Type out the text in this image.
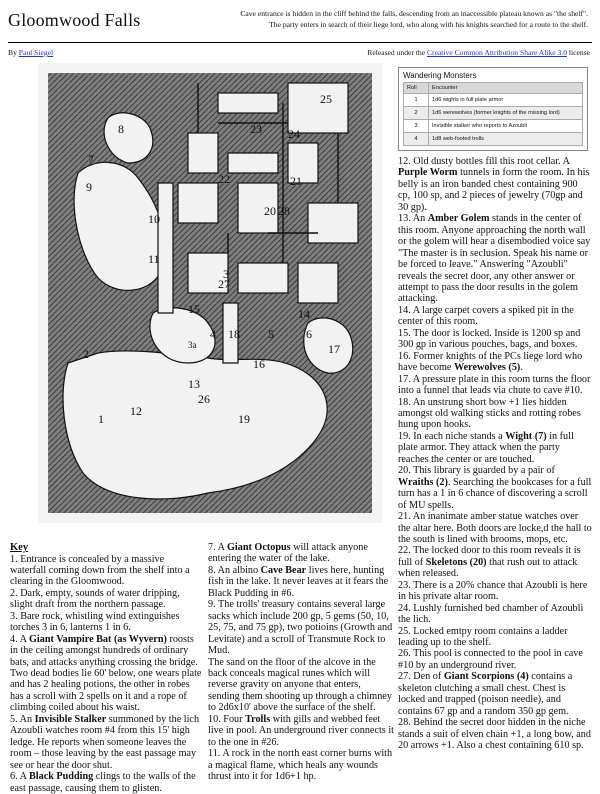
Gloomwood Falls	Cave entrance is hidden in the cliff behind the falls, descending from an inaccessible plateau known as "the shelf".
The party enters in search of their liege lord, who along with his knights searched for a route to the shelf.
By Paul Siegel	Released under the Creative Common Attribution Share Alike 3.0 license
1
2
3
3a
4	5	6
7
8
9
10
11
12
13
14
15
16
17
18
19
20
21
22
23 24
25
26
27
28
Wandering Monsters
Roll	Encounter
1	1d6 wights in full plate armor
2	1d6 werewolves (former knights of the missing lord)
3	Invisible stalker who reports to Azoubli
4	1d8 web-footed trolls

12. Old dusty bottles fill this root cellar. A Purple Worm tunnels in form the room. In his belly is an iron banded chest containing 900 cp, 100 sp, and 2 pieces of jewelry (70gp and 30 gp).

13. An Amber Golem stands in the center of this room. Anyone approaching the north wall or the golem will hear a disembodied voice say "The master is in seclusion. Speak his name or be forced to leave." Answering "Azoubli" reveals the secret door, any other answer or attempt to pass the door results in the golem attacking.

14. A large carpet covers a spiked pit in the center of this room.

15. The door is locked. Inside is 1200 sp and 300 gp in various pouches, bags, and boxes.

16. Former knights of the PCs liege lord who have become Werewolves (5).

17. A pressure plate in this room turns the floor into a funnel that leads via chute to cave #10.

18. An unstrung short bow +1 lies hidden amongst old walking sticks and rotting robes hung upon hooks.

19. In each niche stands a Wight (7) in full plate armor. They attack when the party reaches the center or are touched.

20. This library is guarded by a pair of Wraiths (2). Searching the bookcases for a full turn has a 1 in 6 chance of discovering a scroll of MU spells.

21. An inanimate amber statue watches over the altar here. Both doors are locke,d the hall to the south is lined with brooms, mops, etc.

22. The locked door to this room reveals it is full of Skeletons (20) that rush out to attack when released.

23. There is a 20% chance that Azoubli is here in his private altar room.

24. Lushly furnished bed chamber of Azoubli the lich.

25. Locked emtpy room contains a ladder leading up to the shelf.

26. This pool is connected to the pool in cave #10 by an underground river.

27. Den of Giant Scorpions (4) contains a skeleton clutching a small chest. Chest is locked and trapped (poison needle), and contains 67 gp and a random 350 gp gem.

28. Behind the secret door hidden in the niche stands a suit of elven chain +1, a long bow, and 20 arrows +1. Also a chest containing 610 sp.

Key

1. Entrance is concealed by a massive waterfall coming down from the shelf into a clearing in the Gloomwood.

2. Dark, empty, sounds of water dripping, slight draft from the northern passage.

3. Bare rock, whistling wind extinguishes torches 3 in 6, lanterns 1 in 6.

4. A Giant Vampire Bat (as Wyvern) roosts in the ceiling amongst hundreds of ordinary bats, and attacks anything crossing the bridge. Two dead bodies lie 60' below, one wears plate and has 2 healing potions, the other in robes has a scroll with 2 spells on it and a rope of climbing coiled about his waist.

5. An Invisible Stalker summoned by the lich Azoubli watches room #4 from this 15' high ledge. He reports when someone leaves the room – those leaving by the east passage may see or hear the door shut.

6. A Black Pudding clings to the walls of the east passage, causing them to glisten.

7. A Giant Octopus will attack anyone entering the water of the lake.

8. An albino Cave Bear lives here, hunting fish in the lake. It never leaves at it fears the Black Pudding in #6.

9. The trolls' treasury contains several large sacks which include 200 gp, 5 gems (50, 10, 25, 75, and 75 gp), two potioins (Growth and Levitate) and a scroll of Transmute Rock to Mud.

The sand on the floor of the alcove in the back conceals magical runes which will reverse gravity on anyone that enters, sending them shooting up through a chimney to 2d6x10' above the surface of the shelf.

10. Four Trolls with gills and webbed feet live in pool. An underground river connects it to the one in #26.

11. A rock in the north east corner burns with a magical flame, which heals any wounds thrust into it for 1d6+1 hp.
